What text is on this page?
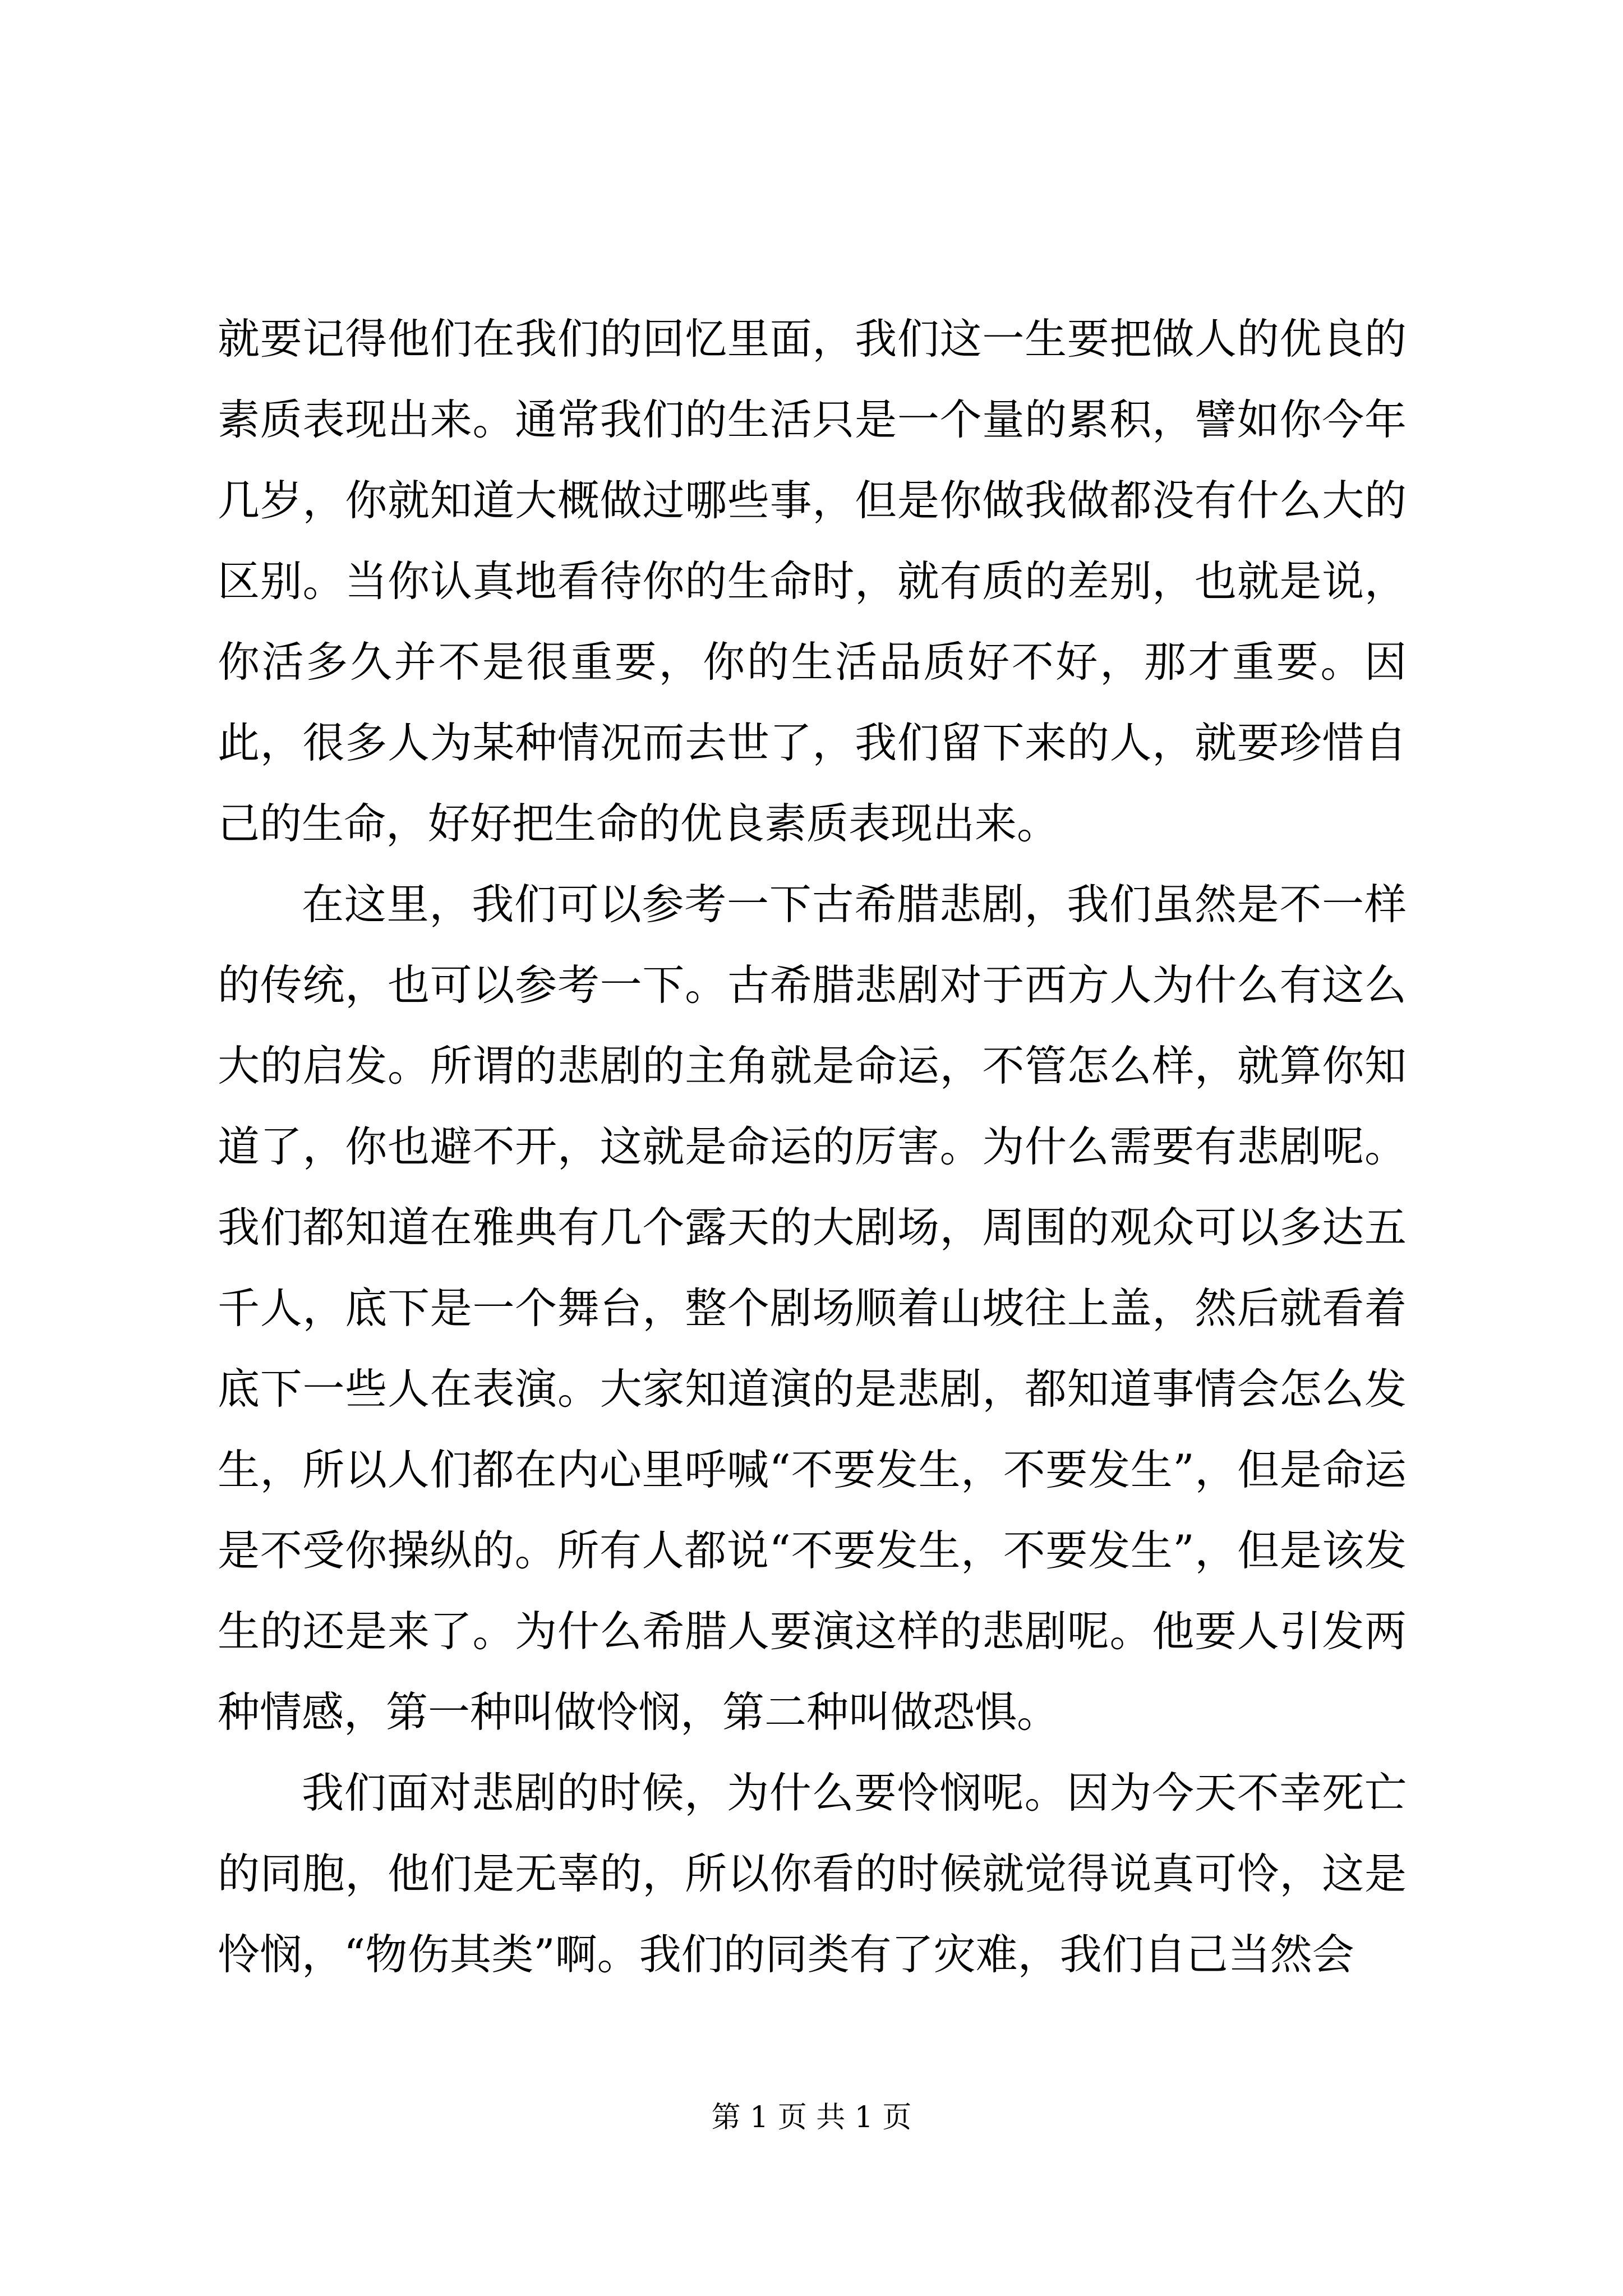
就要记得他们在我们的回忆里面，我们这一生要把做人的优良的素质表现出来。通常我们的生活只是一个量的累积，譬如你今年几岁，你就知道大概做过哪些事，但是你做我做都没有什么大的区别。当你认真地看待你的生命时，就有质的差别，也就是说，你活多久并不是很重要，你的生活品质好不好，那才重要。因此，很多人为某种情况而去世了，我们留下来的人，就要珍惜自己的生命，好好把生命的优良素质表现出来。

在这里，我们可以参考一下古希腊悲剧，我们虽然是不一样的传统，也可以参考一下。古希腊悲剧对于西方人为什么有这么大的启发。所谓的悲剧的主角就是命运，不管怎么样，就算你知道了，你也避不开，这就是命运的厉害。为什么需要有悲剧呢。我们都知道在雅典有几个露天的大剧场，周围的观众可以多达五千人，底下是一个舞台，整个剧场顺着山坡往上盖，然后就看着底下一些人在表演。大家知道演的是悲剧，都知道事情会怎么发生，所以人们都在内心里呼喊“不要发生，不要发生”，但是命运是不受你操纵的。所有人都说“不要发生，不要发生”，但是该发生的还是来了。为什么希腊人要演这样的悲剧呢。他要人引发两种情感，第一种叫做怜悯，第二种叫做恐惧。

我们面对悲剧的时候，为什么要怜悯呢。因为今天不幸死亡的同胞，他们是无辜的，所以你看的时候就觉得说真可怜，这是怜悯，“物伤其类”啊。我们的同类有了灾难，我们自己当然会

第 1 页 共 1 页
